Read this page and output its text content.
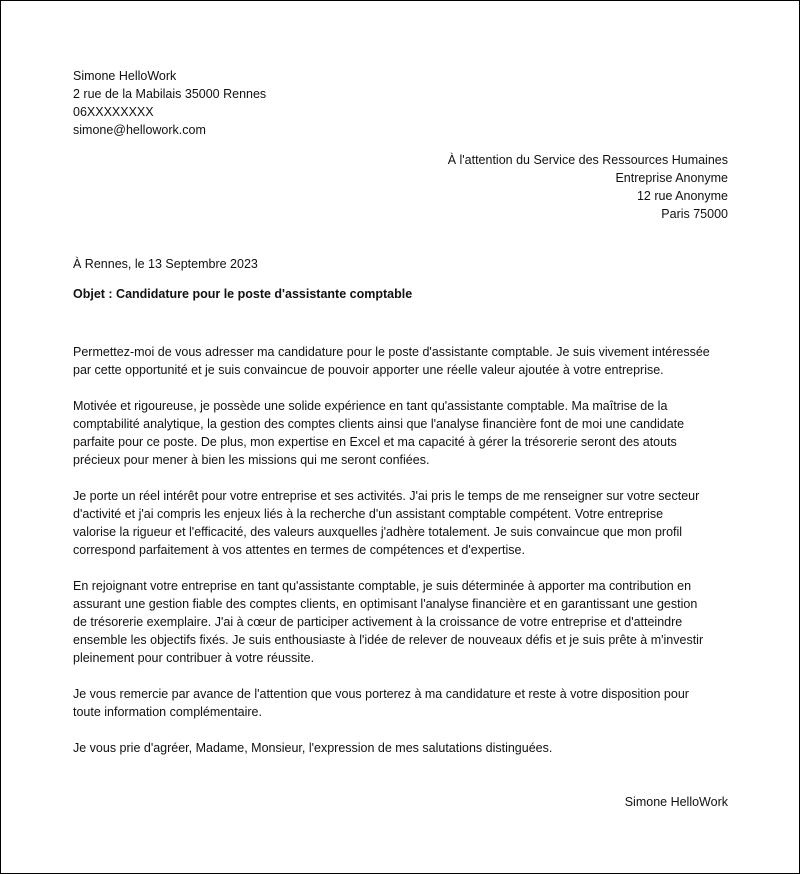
Simone HelloWork
2 rue de la Mabilais 35000 Rennes
06XXXXXXXX
simone@hellowork.com
À l'attention du Service des Ressources Humaines
Entreprise Anonyme
12 rue Anonyme
Paris 75000
À Rennes, le 13 Septembre 2023
Objet : Candidature pour le poste d'assistante comptable

Permettez-moi de vous adresser ma candidature pour le poste d'assistante comptable. Je suis vivement intéressée
par cette opportunité et je suis convaincue de pouvoir apporter une réelle valeur ajoutée à votre entreprise.

Motivée et rigoureuse, je possède une solide expérience en tant qu'assistante comptable. Ma maîtrise de la
comptabilité analytique, la gestion des comptes clients ainsi que l'analyse financière font de moi une candidate
parfaite pour ce poste. De plus, mon expertise en Excel et ma capacité à gérer la trésorerie seront des atouts
précieux pour mener à bien les missions qui me seront confiées.

Je porte un réel intérêt pour votre entreprise et ses activités. J'ai pris le temps de me renseigner sur votre secteur
d'activité et j'ai compris les enjeux liés à la recherche d'un assistant comptable compétent. Votre entreprise
valorise la rigueur et l'efficacité, des valeurs auxquelles j'adhère totalement. Je suis convaincue que mon profil
correspond parfaitement à vos attentes en termes de compétences et d'expertise.

En rejoignant votre entreprise en tant qu'assistante comptable, je suis déterminée à apporter ma contribution en
assurant une gestion fiable des comptes clients, en optimisant l'analyse financière et en garantissant une gestion
de trésorerie exemplaire. J'ai à cœur de participer activement à la croissance de votre entreprise et d'atteindre
ensemble les objectifs fixés. Je suis enthousiaste à l'idée de relever de nouveaux défis et je suis prête à m'investir
pleinement pour contribuer à votre réussite.

Je vous remercie par avance de l'attention que vous porterez à ma candidature et reste à votre disposition pour
toute information complémentaire.

Je vous prie d'agréer, Madame, Monsieur, l'expression de mes salutations distinguées.

Simone HelloWork
